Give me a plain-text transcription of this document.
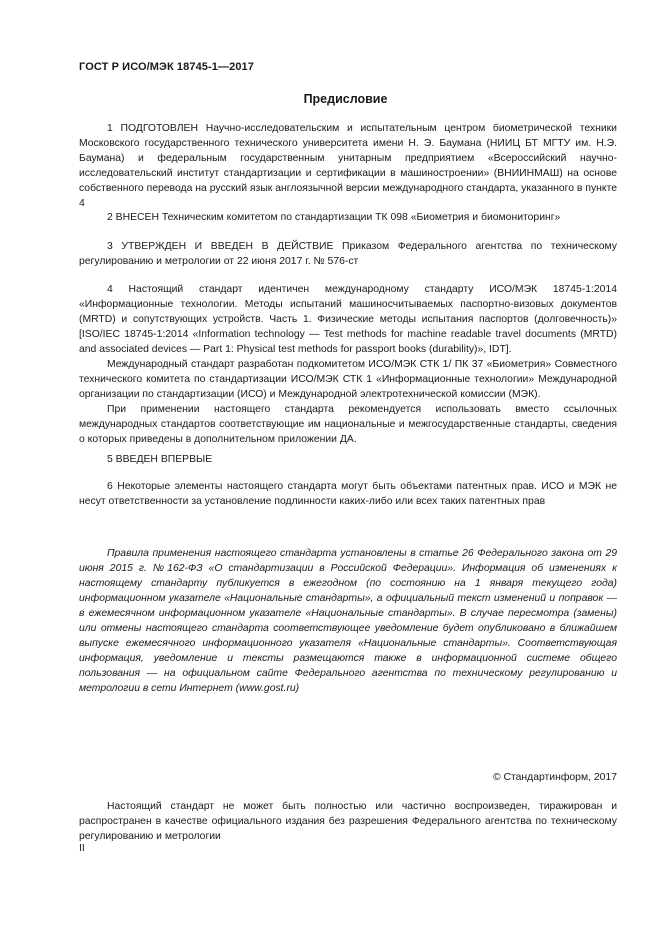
ГОСТ Р ИСО/МЭК 18745-1—2017
Предисловие

1 ПОДГОТОВЛЕН Научно-исследовательским и испытательным центром биометрической техники Московского государственного технического университета имени Н. Э. Баумана (НИИЦ БТ МГТУ им. Н.Э. Баумана) и федеральным государственным унитарным предприятием «Всероссийский научно-исследовательский институт стандартизации и сертификации в машиностроении» (ВНИИНМАШ) на основе собственного перевода на русский язык англоязычной версии международного стандарта, указанного в пункте 4

2 ВНЕСЕН Техническим комитетом по стандартизации ТК 098 «Биометрия и биомониторинг»

3 УТВЕРЖДЕН И ВВЕДЕН В ДЕЙСТВИЕ Приказом Федерального агентства по техническому регулированию и метрологии от 22 июня 2017 г. № 576-ст

4 Настоящий стандарт идентичен международному стандарту ИСО/МЭК 18745-1:2014 «Информационные технологии. Методы испытаний машиносчитываемых паспортно-визовых документов (MRTD) и сопутствующих устройств. Часть 1. Физические методы испытания паспортов (долговечность)» [ISO/IEC 18745-1:2014 «Information technology — Test methods for machine readable travel documents (MRTD) and associated devices — Part 1: Physical test methods for passport books (durability)», IDT].

Международный стандарт разработан подкомитетом ИСО/МЭК СТК 1/ ПК 37 «Биометрия» Совместного технического комитета по стандартизации ИСО/МЭК СТК 1 «Информационные технологии» Международной организации по стандартизации (ИСО) и Международной электротехнической комиссии (МЭК).

При применении настоящего стандарта рекомендуется использовать вместо ссылочных международных стандартов соответствующие им национальные и межгосударственные стандарты, сведения о которых приведены в дополнительном приложении ДА.

5 ВВЕДЕН ВПЕРВЫЕ

6 Некоторые элементы настоящего стандарта могут быть объектами патентных прав. ИСО и МЭК не несут ответственности за установление подлинности каких-либо или всех таких патентных прав

Правила применения настоящего стандарта установлены в статье 26 Федерального закона от 29 июня 2015 г. №162-ФЗ «О стандартизации в Российской Федерации». Информация об изменениях к настоящему стандарту публикуется в ежегодном (по состоянию на 1 января текущего года) информационном указателе «Национальные стандарты», а официальный текст изменений и поправок — в ежемесячном информационном указателе «Национальные стандарты». В случае пересмотра (замены) или отмены настоящего стандарта соответствующее уведомление будет опубликовано в ближайшем выпуске ежемесячного информационного указателя «Национальные стандарты». Соответствующая информация, уведомление и тексты размещаются также в информационной системе общего пользования — на официальном сайте Федерального агентства по техническому регулированию и метрологии в сети Интернет (www.gost.ru)

© Стандартинформ, 2017

Настоящий стандарт не может быть полностью или частично воспроизведен, тиражирован и распространен в качестве официального издания без разрешения Федерального агентства по техническому регулированию и метрологии

II
